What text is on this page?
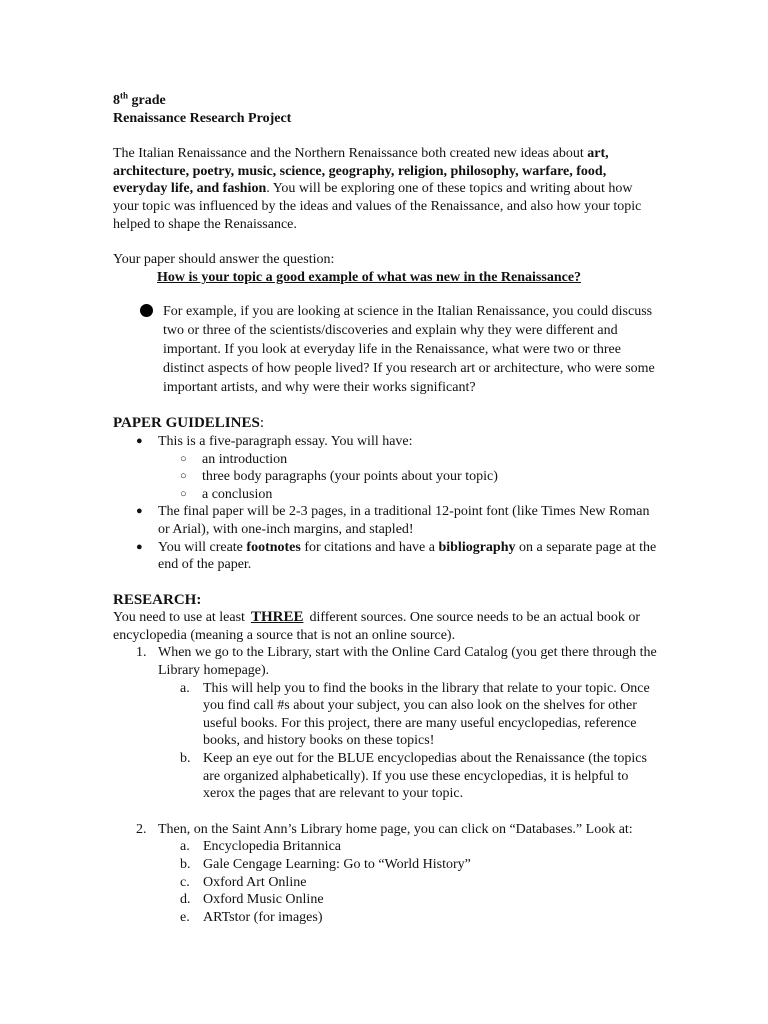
8th grade

Renaissance Research Project

The Italian Renaissance and the Northern Renaissance both created new ideas about art, architecture, poetry, music, science, geography, religion, philosophy, warfare, food, everyday life, and fashion. You will be exploring one of these topics and writing about how your topic was influenced by the ideas and values of the Renaissance, and also how your topic helped to shape the Renaissance.

Your paper should answer the question:

How is your topic a good example of what was new in the Renaissance?

For example, if you are looking at science in the Italian Renaissance, you could discuss two or three of the scientists/discoveries and explain why they were different and important. If you look at everyday life in the Renaissance, what were two or three distinct aspects of how people lived? If you research art or architecture, who were some important artists, and why were their works significant?

PAPER GUIDELINES:

● This is a five-paragraph essay. You will have:
○ an introduction
○ three body paragraphs (your points about your topic)
○ a conclusion
● The final paper will be 2-3 pages, in a traditional 12-point font (like Times New Roman or Arial), with one-inch margins, and stapled!
● You will create footnotes for citations and have a bibliography on a separate page at the end of the paper.

RESEARCH:

You need to use at least THREE different sources. One source needs to be an actual book or encyclopedia (meaning a source that is not an online source).

1. When we go to the Library, start with the Online Card Catalog (you get there through the Library homepage).
a. This will help you to find the books in the library that relate to your topic. Once you find call #s about your subject, you can also look on the shelves for other useful books. For this project, there are many useful encyclopedias, reference books, and history books on these topics!
b. Keep an eye out for the BLUE encyclopedias about the Renaissance (the topics are organized alphabetically). If you use these encyclopedias, it is helpful to xerox the pages that are relevant to your topic.
2. Then, on the Saint Ann’s Library home page, you can click on “Databases.” Look at:
a. Encyclopedia Britannica
b. Gale Cengage Learning: Go to “World History”
c. Oxford Art Online
d. Oxford Music Online
e. ARTstor (for images)
